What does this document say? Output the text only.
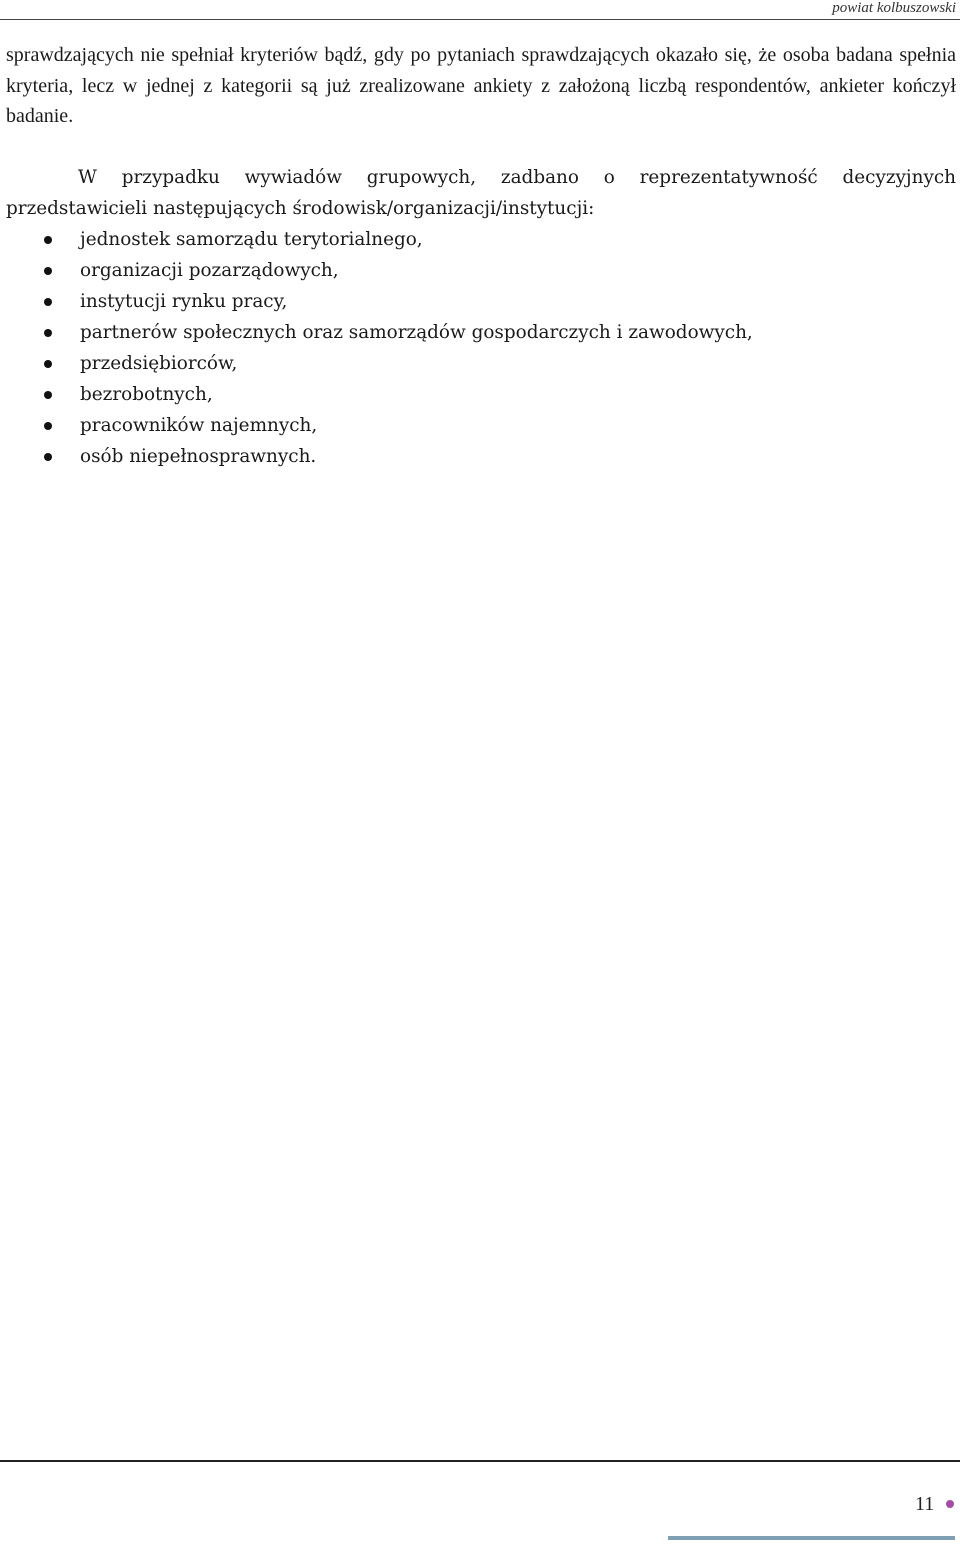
powiat kolbuszowski

sprawdzających nie spełniał kryteriów bądź, gdy po pytaniach sprawdzających okazało się, że osoba badana spełnia kryteria, lecz w jednej z kategorii są już zrealizowane ankiety z założoną liczbą respondentów, ankieter kończył badanie.

W przypadku wywiadów grupowych, zadbano o reprezentatywność decyzyjnych przedstawicieli następujących środowisk/organizacji/instytucji:

jednostek samorządu terytorialnego,
organizacji pozarządowych,
instytucji rynku pracy,
partnerów społecznych oraz samorządów gospodarczych i zawodowych,
przedsiębiorców,
bezrobotnych,
pracowników najemnych,
osób niepełnosprawnych.
11
